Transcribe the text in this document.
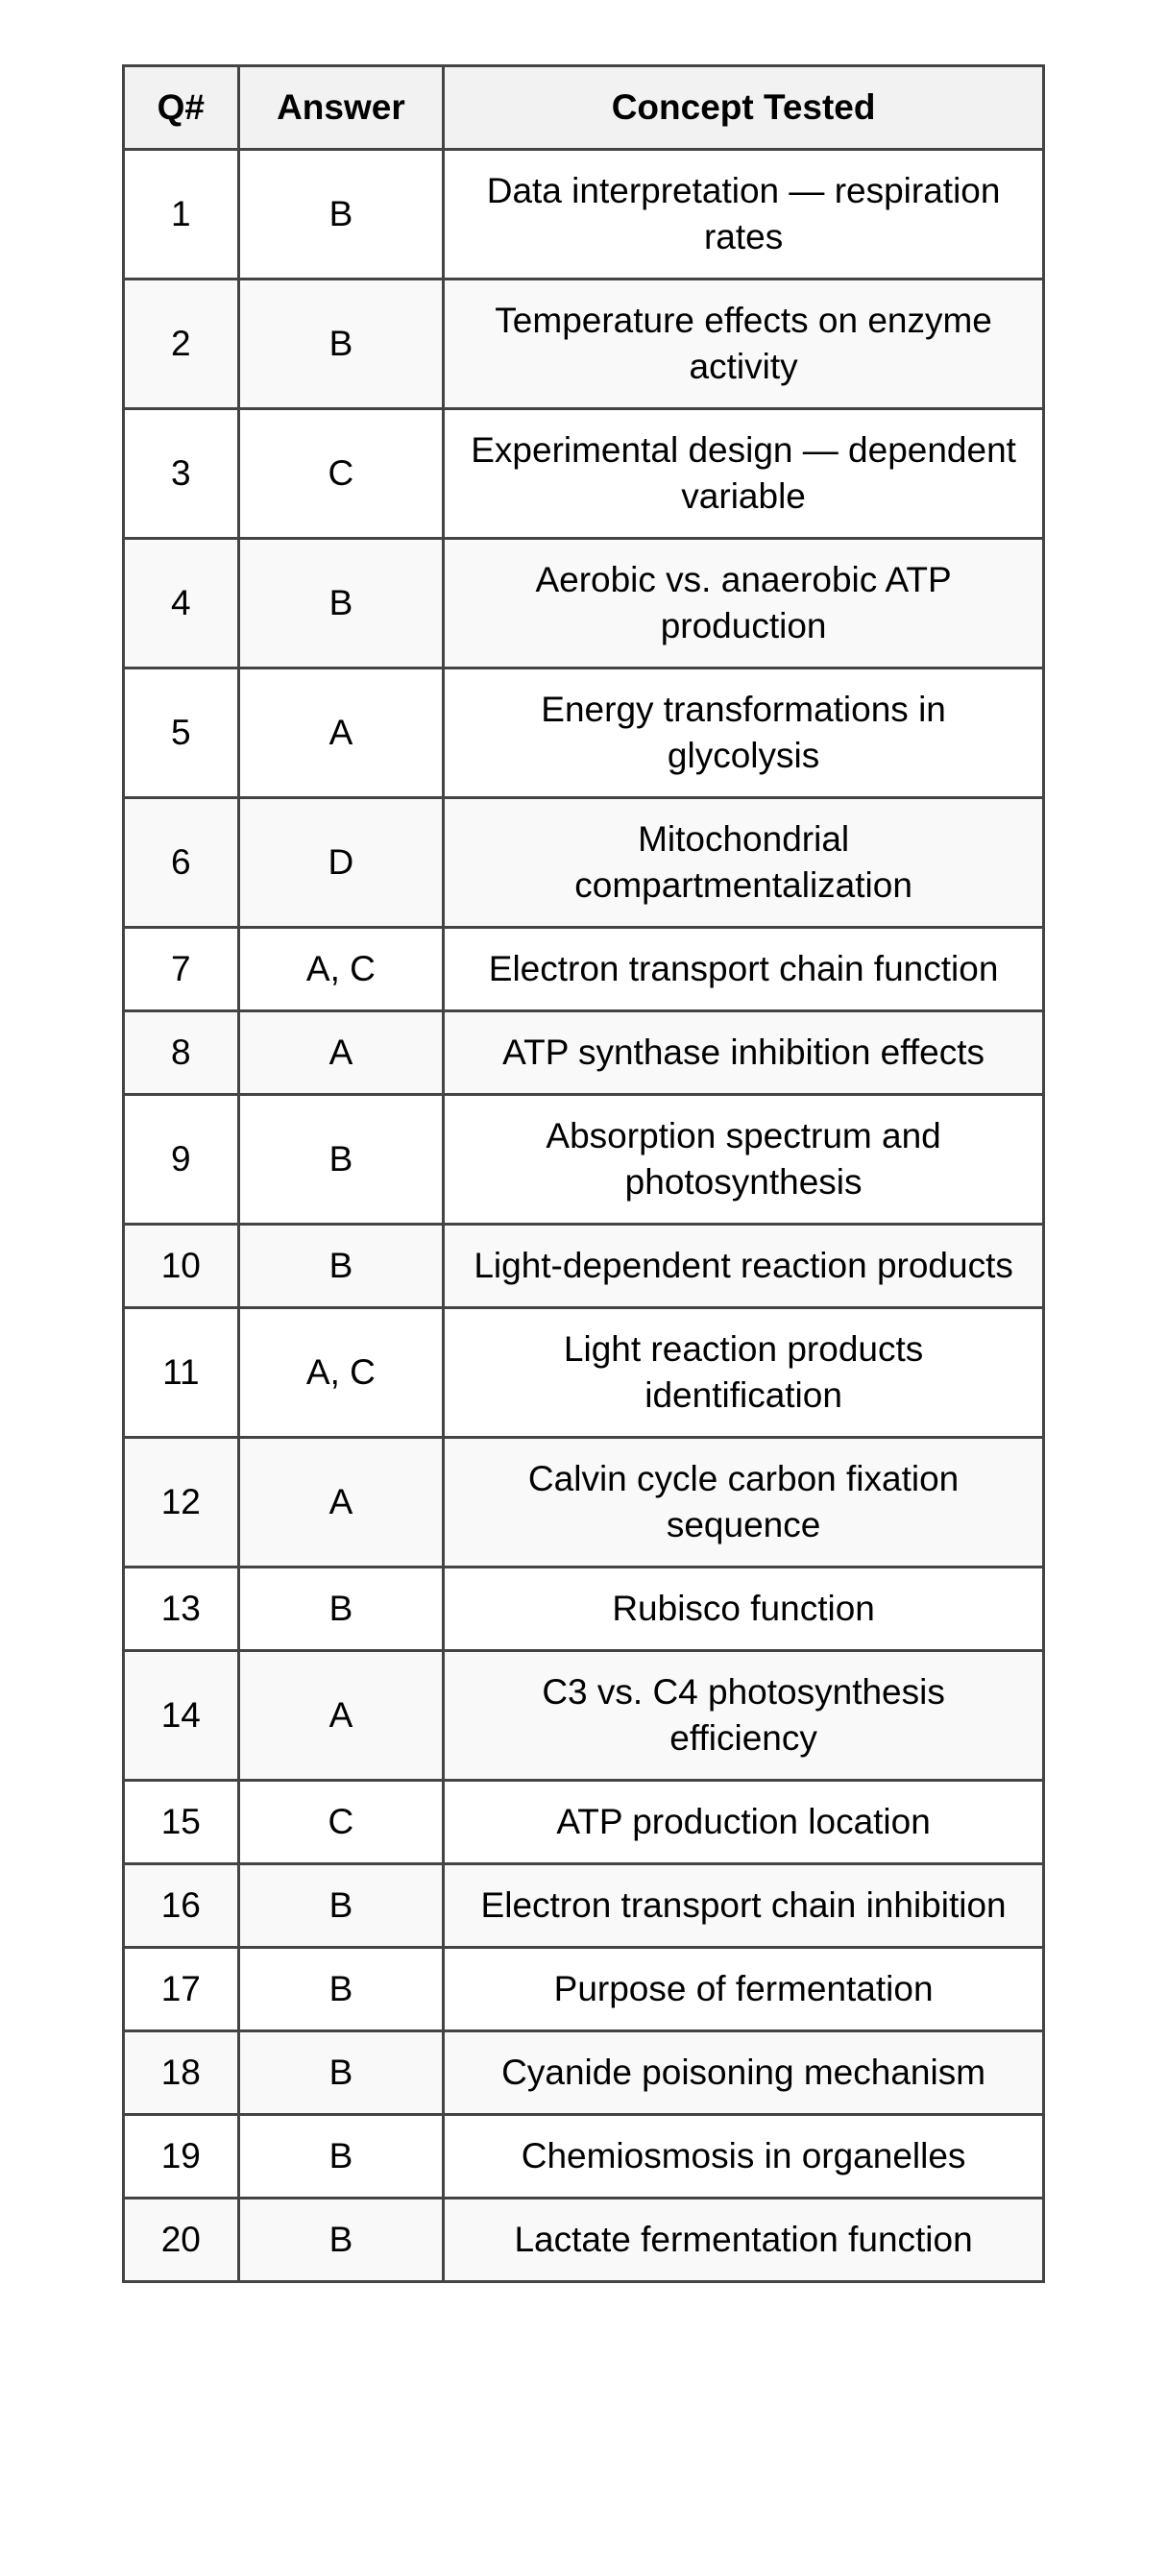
Q#	Answer	Concept Tested
1	B	Data interpretation — respiration rates
2	B	Temperature effects on enzyme activity
3	C	Experimental design — dependent variable
4	B	Aerobic vs. anaerobic ATP production
5	A	Energy transformations in glycolysis
6	D	Mitochondrial compartmentalization
7	A, C	Electron transport chain function
8	A	ATP synthase inhibition effects
9	B	Absorption spectrum and photosynthesis
10	B	Light-dependent reaction products
11	A, C	Light reaction products identification
12	A	Calvin cycle carbon fixation sequence
13	B	Rubisco function
14	A	C3 vs. C4 photosynthesis efficiency
15	C	ATP production location
16	B	Electron transport chain inhibition
17	B	Purpose of fermentation
18	B	Cyanide poisoning mechanism
19	B	Chemiosmosis in organelles
20	B	Lactate fermentation function
